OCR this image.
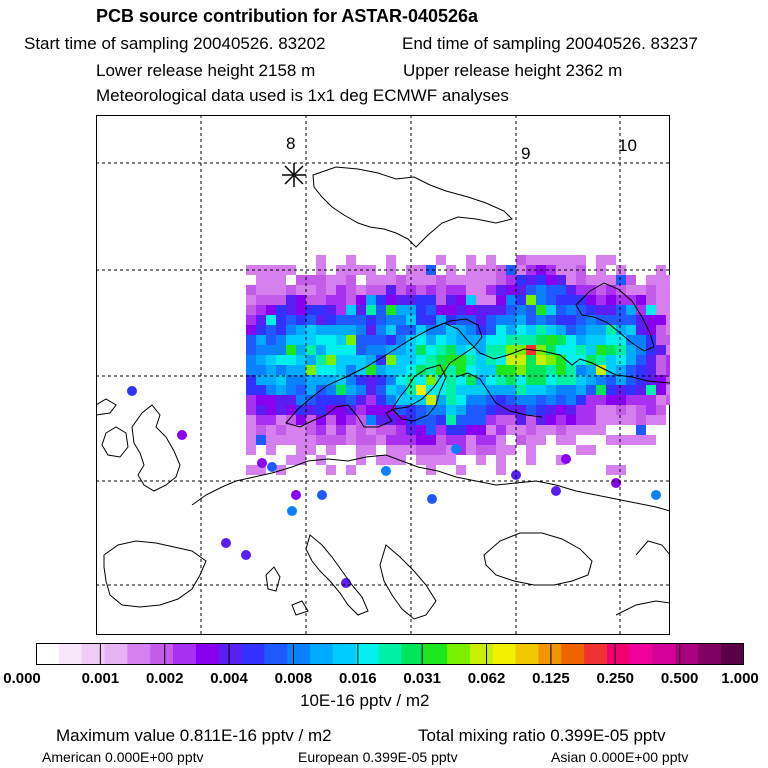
PCB source contribution for ASTAR-040526a
Start time of sampling 20040526. 83202	End time of sampling 20040526. 83237
Lower release height 2158 m	Upper release height 2362 m
Meteorological data used is 1x1 deg ECMWF analyses
8
9	10
0.000	0.001 0.002 0.004 0.008 0.016 0.031 0.062 0.125 0.250 0.500 1.000
10E-16 pptv / m2
Maximum value 0.811E-16 pptv / m2	Total mixing ratio 0.399E-05 pptv
American 0.000E+00 pptv	European 0.399E-05 pptv	Asian 0.000E+00 pptv
